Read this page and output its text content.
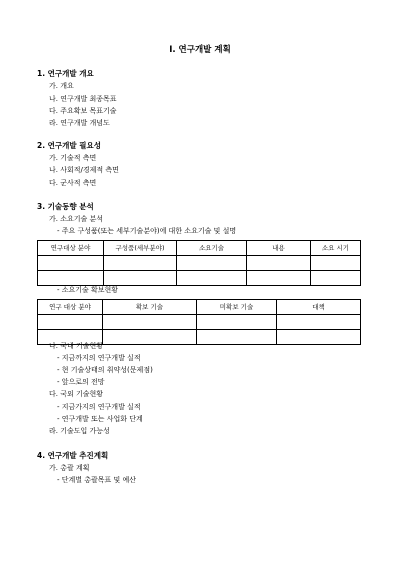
I. 연구개발 계획
1. 연구개발 개요
가. 개요
나. 연구개발 최종목표
다. 주요확보 목표기술
라. 연구개발 개념도
2. 연구개발 필요성
가. 기술적 측면
나. 사회적/경제적 측면
다. 군사적 측면
3. 기술동향 분석
가. 소요기술 분석
- 주요 구성품(또는 세부기술분야)에 대한 소요기술 및 설명
연구대상 분야	구성품(세부분야)	소요기술	내용	소요 시기

- 소요기술 확보현황
연구 대상 분야	확보 기술	미확보 기술	대책

나. 국내 기술현황
- 지금까지의 연구개발 실적
- 현 기술상태의 취약성(문제점)
- 앞으로의 전망
다. 국외 기술현황
- 지금가지의 연구개발 실적
- 연구개발 또는 사업화 단계
라. 기술도입 가능성
4. 연구개발 추진계획
가. 총괄 계획
- 단계별 총괄목표 및 예산
